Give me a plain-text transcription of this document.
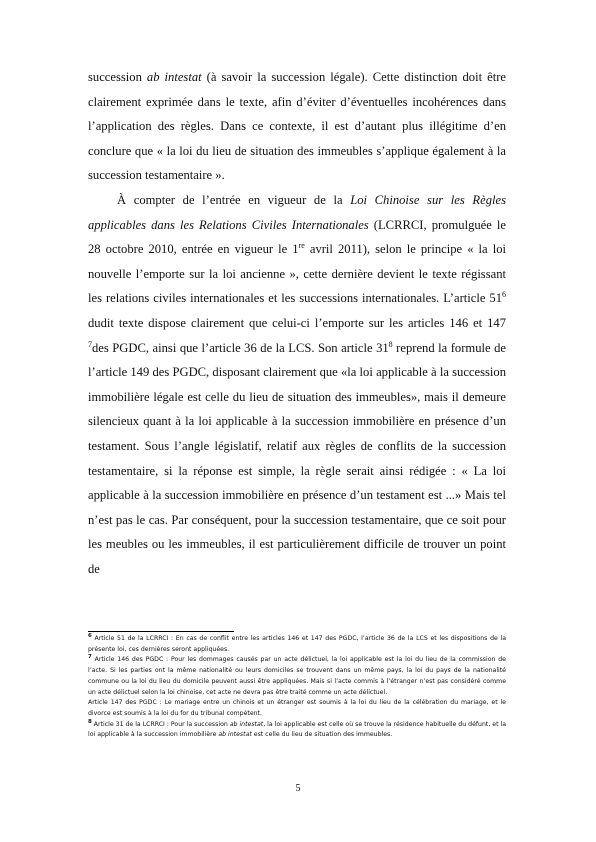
succession ab intestat (à savoir la succession légale). Cette distinction doit être clairement exprimée dans le texte, afin d’éviter d’éventuelles incohérences dans l’application des règles. Dans ce contexte, il est d’autant plus illégitime d’en conclure que « la loi du lieu de situation des immeubles s’applique également à la succession testamentaire ».

À compter de l’entrée en vigueur de la Loi Chinoise sur les Règles applicables dans les Relations Civiles Internationales (LCRRCI, promulguée le 28 octobre 2010, entrée en vigueur le 1re avril 2011), selon le principe « la loi nouvelle l’emporte sur la loi ancienne », cette dernière devient le texte régissant les relations civiles internationales et les successions internationales. L’article $51^6$ dudit texte dispose clairement que celui-ci l’emporte sur les articles 146 et 147 $^7$des PGDC, ainsi que l’article 36 de la LCS. Son article $31^8$ reprend la formule de l’article 149 des PGDC, disposant clairement que «la loi applicable à la succession immobilière légale est celle du lieu de situation des immeubles», mais il demeure silencieux quant à la loi applicable à la succession immobilière en présence d’un testament. Sous l’angle législatif, relatif aux règles de conflits de la succession testamentaire, si la réponse est simple, la règle serait ainsi rédigée : « La loi applicable à la succession immobilière en présence d’un testament est ...» Mais tel n’est pas le cas. Par conséquent, pour la succession testamentaire, que ce soit pour les meubles ou les immeubles, il est particulièrement difficile de trouver un point de

$^6$ Article 51 de la LCRRCI : En cas de conflit entre les articles 146 et 147 des PGDC, l’article 36 de la LCS et les dispositions de la présente loi, ces dernières seront appliquées.

$^7$ Article 146 des PGDC : Pour les dommages causés par un acte délictuel, la loi applicable est la loi du lieu de la commission de l’acte. Si les parties ont la même nationalité ou leurs domiciles se trouvent dans un même pays, la loi du pays de la nationalité commune ou la loi du lieu du domicile peuvent aussi être appliquées. Mais si l’acte commis à l’étranger n’est pas considéré comme un acte délictuel selon la loi chinoise, cet acte ne devra pas être traité comme un acte délictuel.

Article 147 des PGDC : Le mariage entre un chinois et un étranger est soumis à la loi du lieu de la célébration du mariage, et le divorce est soumis à la loi du for du tribunal compétent.

$^8$ Article 31 de la LCRRCI : Pour la succession ab intestat, la loi applicable est celle où se trouve la résidence habituelle du défunt, et la loi applicable à la succession immobilière ab intestat est celle du lieu de situation des immeubles.

5
